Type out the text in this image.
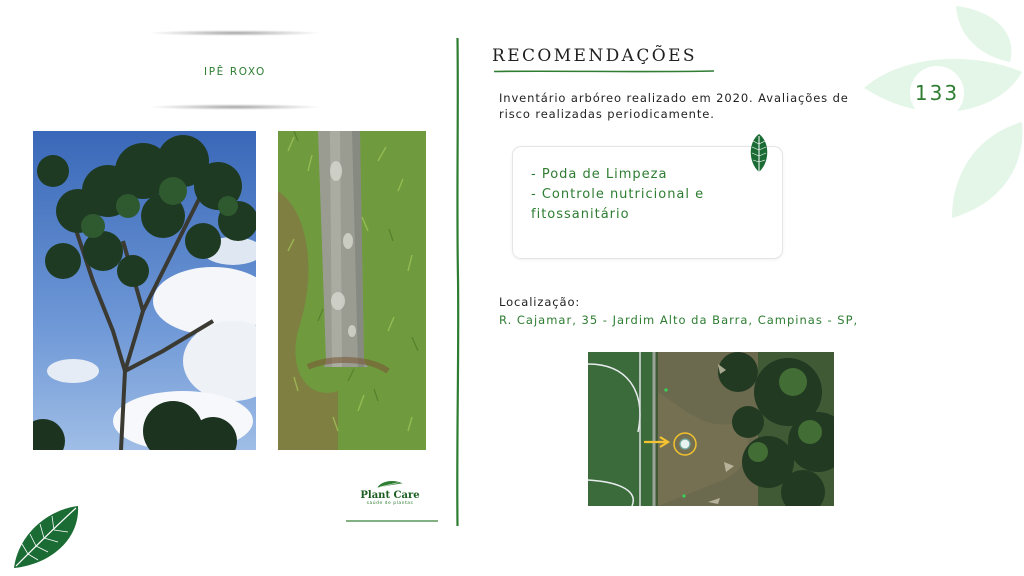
133
IPÊ ROXO
Plant Care
saúde de plantas
RECOMENDAÇÕES
Inventário arbóreo realizado em 2020. Avaliações de risco realizadas periodicamente.
- Poda de Limpeza
- Controle nutricional e fitossanitário
Localização:
R. Cajamar, 35 - Jardim Alto da Barra, Campinas - SP,
